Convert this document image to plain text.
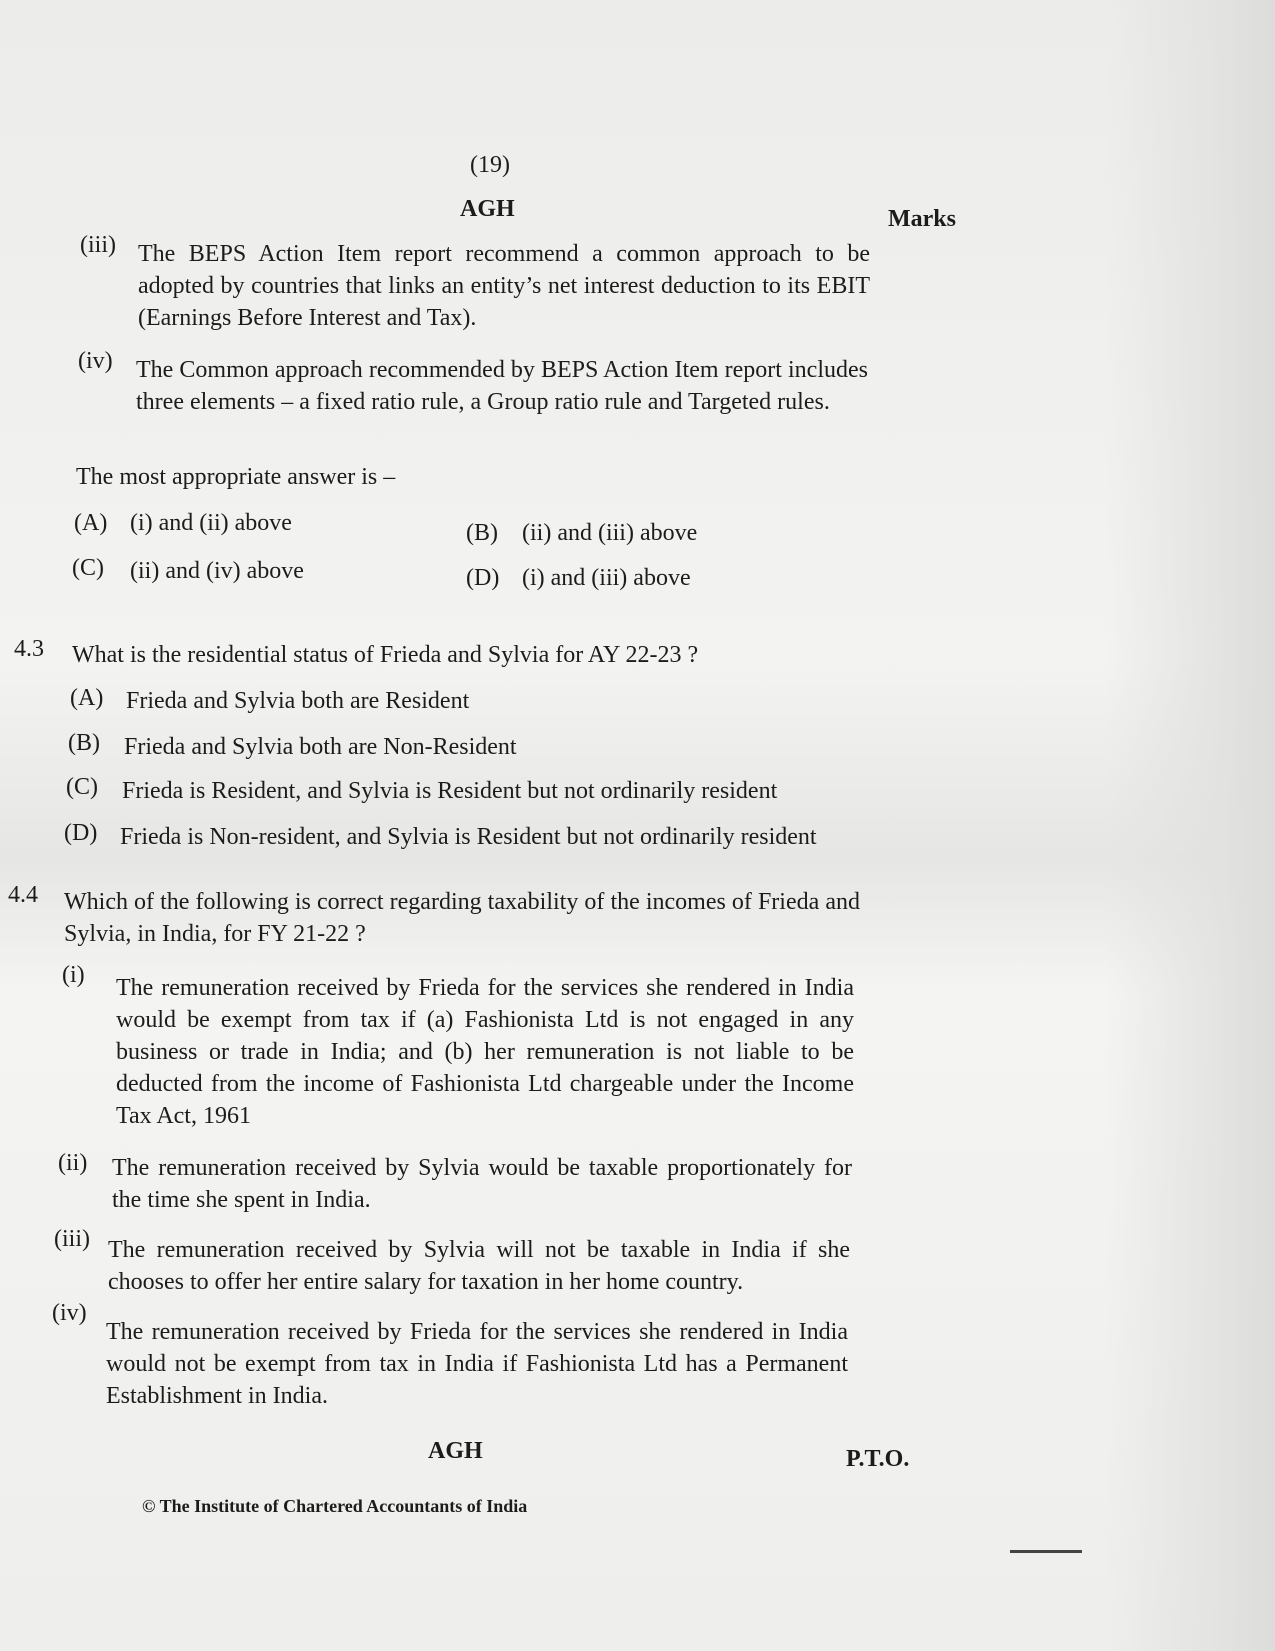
(19)
AGH	Marks
(iii) The BEPS Action Item report recommend a common approach to be adopted by countries that links an entity’s net interest deduction to its EBIT (Earnings Before Interest and Tax).
(iv) The Common approach recommended by BEPS Action Item report includes three elements – a fixed ratio rule, a Group ratio rule and Targeted rules.
The most appropriate answer is –
(A) (i) and (ii) above	(B) (ii) and (iii) above
(C) (ii) and (iv) above	(D) (i) and (iii) above
4.3 What is the residential status of Frieda and Sylvia for AY 22-23 ?
(A) Frieda and Sylvia both are Resident
(B) Frieda and Sylvia both are Non-Resident
(C) Frieda is Resident, and Sylvia is Resident but not ordinarily resident
(D) Frieda is Non-resident, and Sylvia is Resident but not ordinarily resident
4.4 Which of the following is correct regarding taxability of the incomes of Frieda and Sylvia, in India, for FY 21-22 ?
(i) The remuneration received by Frieda for the services she rendered in India would be exempt from tax if (a) Fashionista Ltd is not engaged in any business or trade in India; and (b) her remuneration is not liable to be deducted from the income of Fashionista Ltd chargeable under the Income Tax Act, 1961
(ii) The remuneration received by Sylvia would be taxable proportionately for the time she spent in India.
(iii) The remuneration received by Sylvia will not be taxable in India if she chooses to offer her entire salary for taxation in her home country.
(iv)
The remuneration received by Frieda for the services she rendered in India would not be exempt from tax in India if Fashionista Ltd has a Permanent Establishment in India.
AGH	P.T.O.
© The Institute of Chartered Accountants of India
